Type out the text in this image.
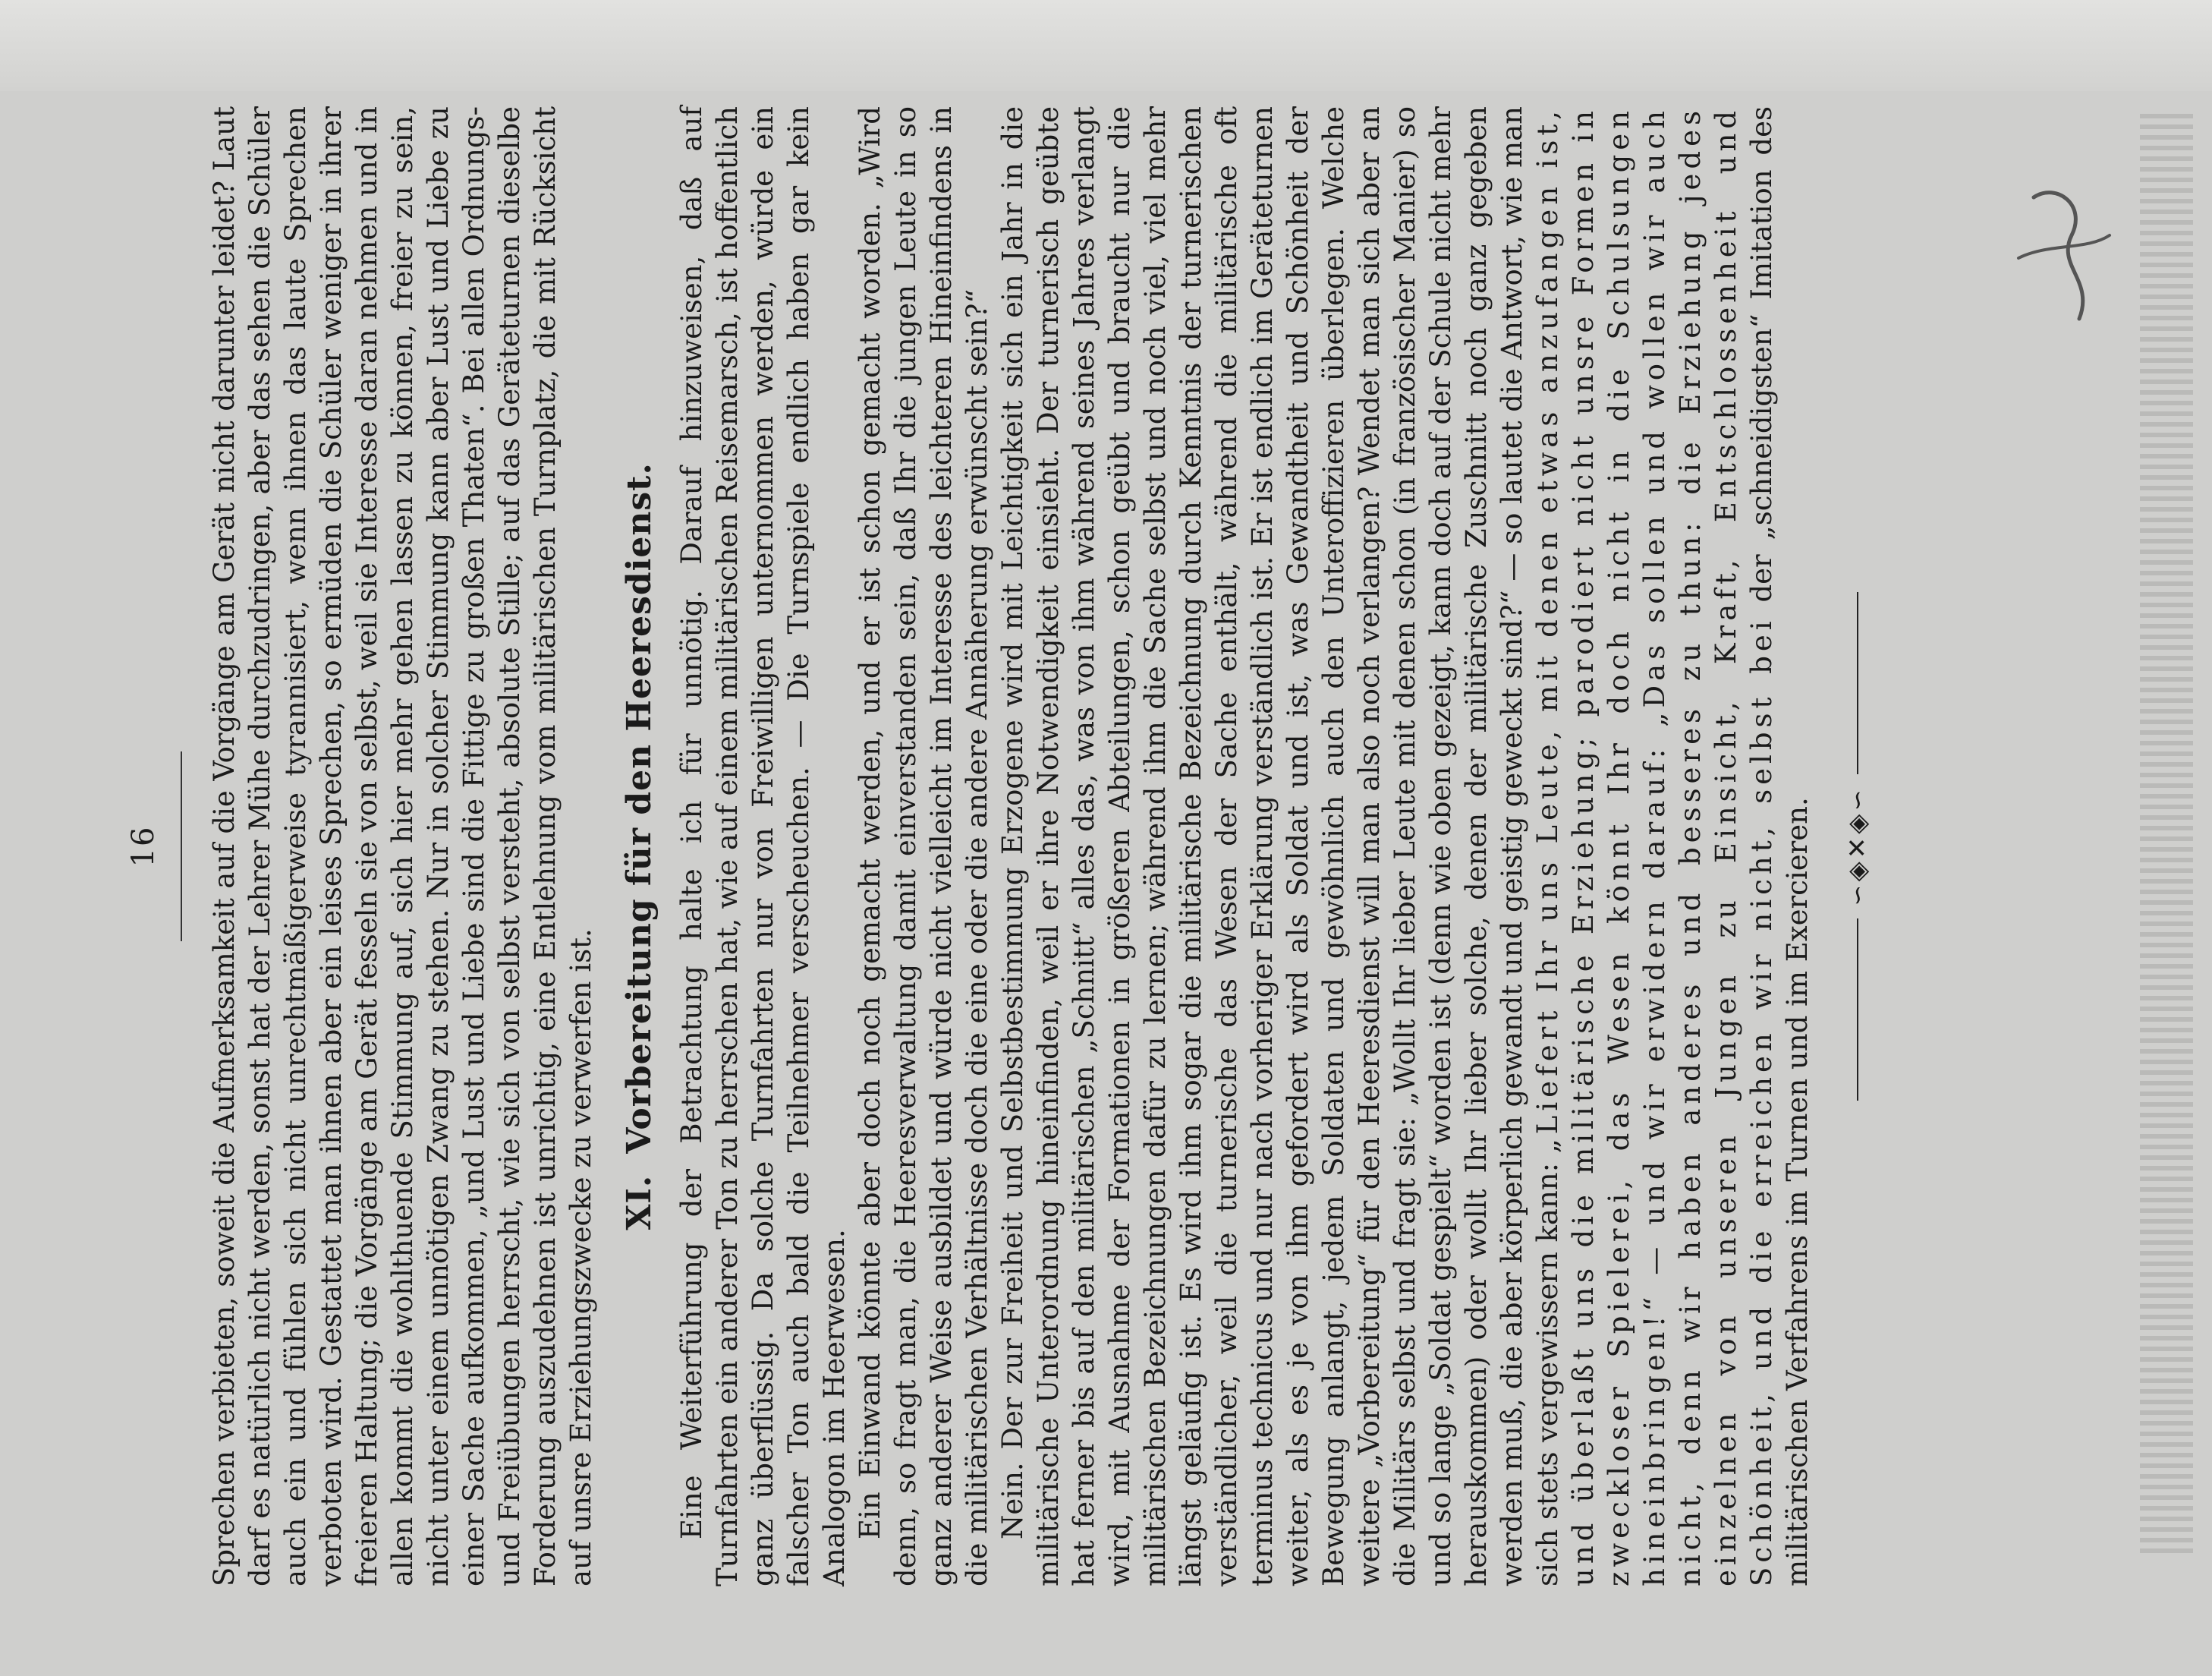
16 Sprechen verbieten, soweit die Aufmerksamkeit auf die Vorgänge am Gerät nicht darunter leidet? Laut darf es natürlich nicht werden, sonst hat der Lehrer Mühe durchzudringen, aber das sehen die Schüler auch ein und fühlen sich nicht unrechtmäßigerweise tyrannisiert, wenn ihnen das laute Sprechen verboten wird. Gestattet man ihnen aber ein leises Sprechen, so ermüden die Schüler weniger in ihrer freieren Haltung; die Vorgänge am Gerät fesseln sie von selbst, weil sie Interesse daran nehmen und in allen kommt die wohlthuende Stimmung auf, sich hier mehr gehen lassen zu können, freier zu sein, nicht unter einem unnötigen Zwang zu stehen. Nur in solcher Stimmung kann aber Lust und Liebe zu einer Sache aufkommen, „und Lust und Liebe sind die Fittige zu großen Thaten“. Bei allen Ordnungs- und Freiübungen herrscht, wie sich von selbst versteht, absolute Stille; auf das Geräteturnen dieselbe Forderung auszudehnen ist unrichtig, eine Entlehnung vom militärischen Turnplatz, die mit Rücksicht auf unsre Erziehungszwecke zu verwerfen ist. XI.Vorbereitung für den Heeresdienst. Eine Weiterführung der Betrachtung halte ich für unnötig. Darauf hinzuweisen, daß auf Turnfahrten ein anderer Ton zu herrschen hat, wie auf einem militärischen Reisemarsch, ist hoffentlich ganz überflüssig. Da solche Turnfahrten nur von Freiwilligen unternommen werden, würde ein falscher Ton auch bald die Teilnehmer verscheuchen. — Die Turnspiele endlich haben gar kein Analogon im Heerwesen. Ein Einwand könnte aber doch noch gemacht werden, und er ist schon gemacht worden. „Wird denn, so fragt man, die Heeresverwaltung damit einverstanden sein, daß Ihr die jungen Leute in so ganz anderer Weise ausbildet und würde nicht vielleicht im Interesse des leichteren Hineinfindens in die militärischen Verhältnisse doch die eine oder die andere Annäherung erwünscht sein?“ Nein. Der zur Freiheit und Selbstbestimmung Erzogene wird mit Leichtigkeit sich ein Jahr in die militärische Unterordnung hineinfinden, weil er ihre Notwendigkeit einsieht. Der turnerisch geübte hat ferner bis auf den militärischen „Schnitt“ alles das, was von ihm während seines Jahres verlangt wird, mit Ausnahme der Formationen in größeren Abteilungen, schon geübt und braucht nur die militärischen Bezeichnungen dafür zu lernen; während ihm die Sache selbst und noch viel, viel mehr längst geläufig ist. Es wird ihm sogar die militärische Bezeichnung durch Kenntnis der turnerischen verständlicher, weil die turnerische das Wesen der Sache enthält, während die militärische oft terminus technicus und nur nach vorheriger Erklärung verständlich ist. Er ist endlich im Geräteturnen weiter, als es je von ihm gefordert wird als Soldat und ist, was Gewandtheit und Schönheit der Bewegung anlangt, jedem Soldaten und gewöhnlich auch den Unteroffizieren überlegen. Welche weitere „Vorbereitung“ für den Heeresdienst will man also noch verlangen? Wendet man sich aber an die Militärs selbst und fragt sie: „Wollt Ihr lieber Leute mit denen schon (in französischer Manier) so und so lange „Soldat gespielt“ worden ist (denn wie oben gezeigt, kann doch auf der Schule nicht mehr herauskommen) oder wollt Ihr lieber solche, denen der militärische Zuschnitt noch ganz gegeben werden muß, die aber körperlich gewandt und geistig geweckt sind?“ — so lautet die Antwort, wie man sich stets vergewissern kann: „Liefert Ihr uns Leute, mit denen etwas anzufangen ist, und überlaßt uns die militärische Erziehung; parodiert nicht unsre Formen in zweckloser Spielerei, das Wesen könnt Ihr doch nicht in die Schulsungen hineinbringen!“ — und wir erwidern darauf: „Das sollen und wollen wir auch nicht, denn wir haben anderes und besseres zu thun: die Erziehung jedes einzelnen von unseren Jungen zu Einsicht, Kraft, Entschlossenheit und Schönheit, und die erreichen wir nicht, selbst bei der „schneidigsten“ Imitation des militärischen Verfahrens im Turnen und im Exercieren. ∽◈✕◈∽
